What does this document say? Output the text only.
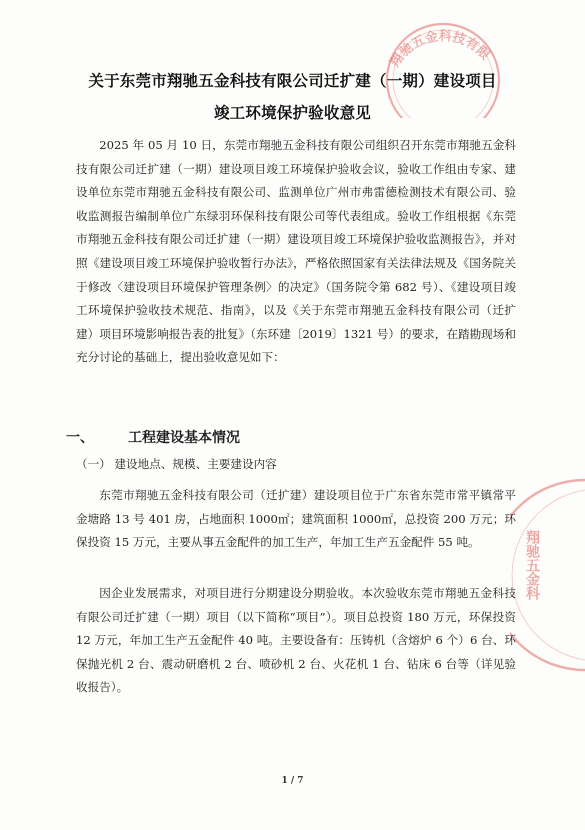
翔驰五金科技有限
翔驰五金科
关于东莞市翔驰五金科技有限公司迁扩建（一期）建设项目
竣工环境保护验收意见

2025 年 05 月 10 日，东莞市翔驰五金科技有限公司组织召开东莞市翔驰五金科技有限公司迁扩建（一期）建设项目竣工环境保护验收会议，验收工作组由专家、建设单位东莞市翔驰五金科技有限公司、监测单位广州市弗雷德检测技术有限公司、验收监测报告编制单位广东绿羽环保科技有限公司等代表组成。验收工作组根据《东莞市翔驰五金科技有限公司迁扩建（一期）建设项目竣工环境保护验收监测报告》，并对照《建设项目竣工环境保护验收暂行办法》，严格依照国家有关法律法规及《国务院关于修改〈建设项目环境保护管理条例〉的决定》（国务院令第 682 号）、《建设项目竣工环境保护验收技术规范、指南》，以及《关于东莞市翔驰五金科技有限公司（迁扩建）项目环境影响报告表的批复》（东环建〔2019〕1321 号）的要求，在踏勘现场和充分讨论的基础上，提出验收意见如下：

一、 工程建设基本情况
（一） 建设地点、规模、主要建设内容

东莞市翔驰五金科技有限公司（迁扩建）建设项目位于广东省东莞市常平镇常平金塘路 13 号 401 房，占地面积 1000㎡；建筑面积 1000㎡，总投资 200 万元；环保投资 15 万元，主要从事五金配件的加工生产，年加工生产五金配件 55 吨。

因企业发展需求，对项目进行分期建设分期验收。本次验收东莞市翔驰五金科技有限公司迁扩建（一期）项目（以下简称“项目”）。项目总投资 180 万元，环保投资 12 万元，年加工生产五金配件 40 吨。主要设备有：压铸机（含熔炉 6 个）6 台、环保抛光机 2 台、震动研磨机 2 台、喷砂机 2 台、火花机 1 台、钻床 6 台等（详见验收报告）。

1 / 7
